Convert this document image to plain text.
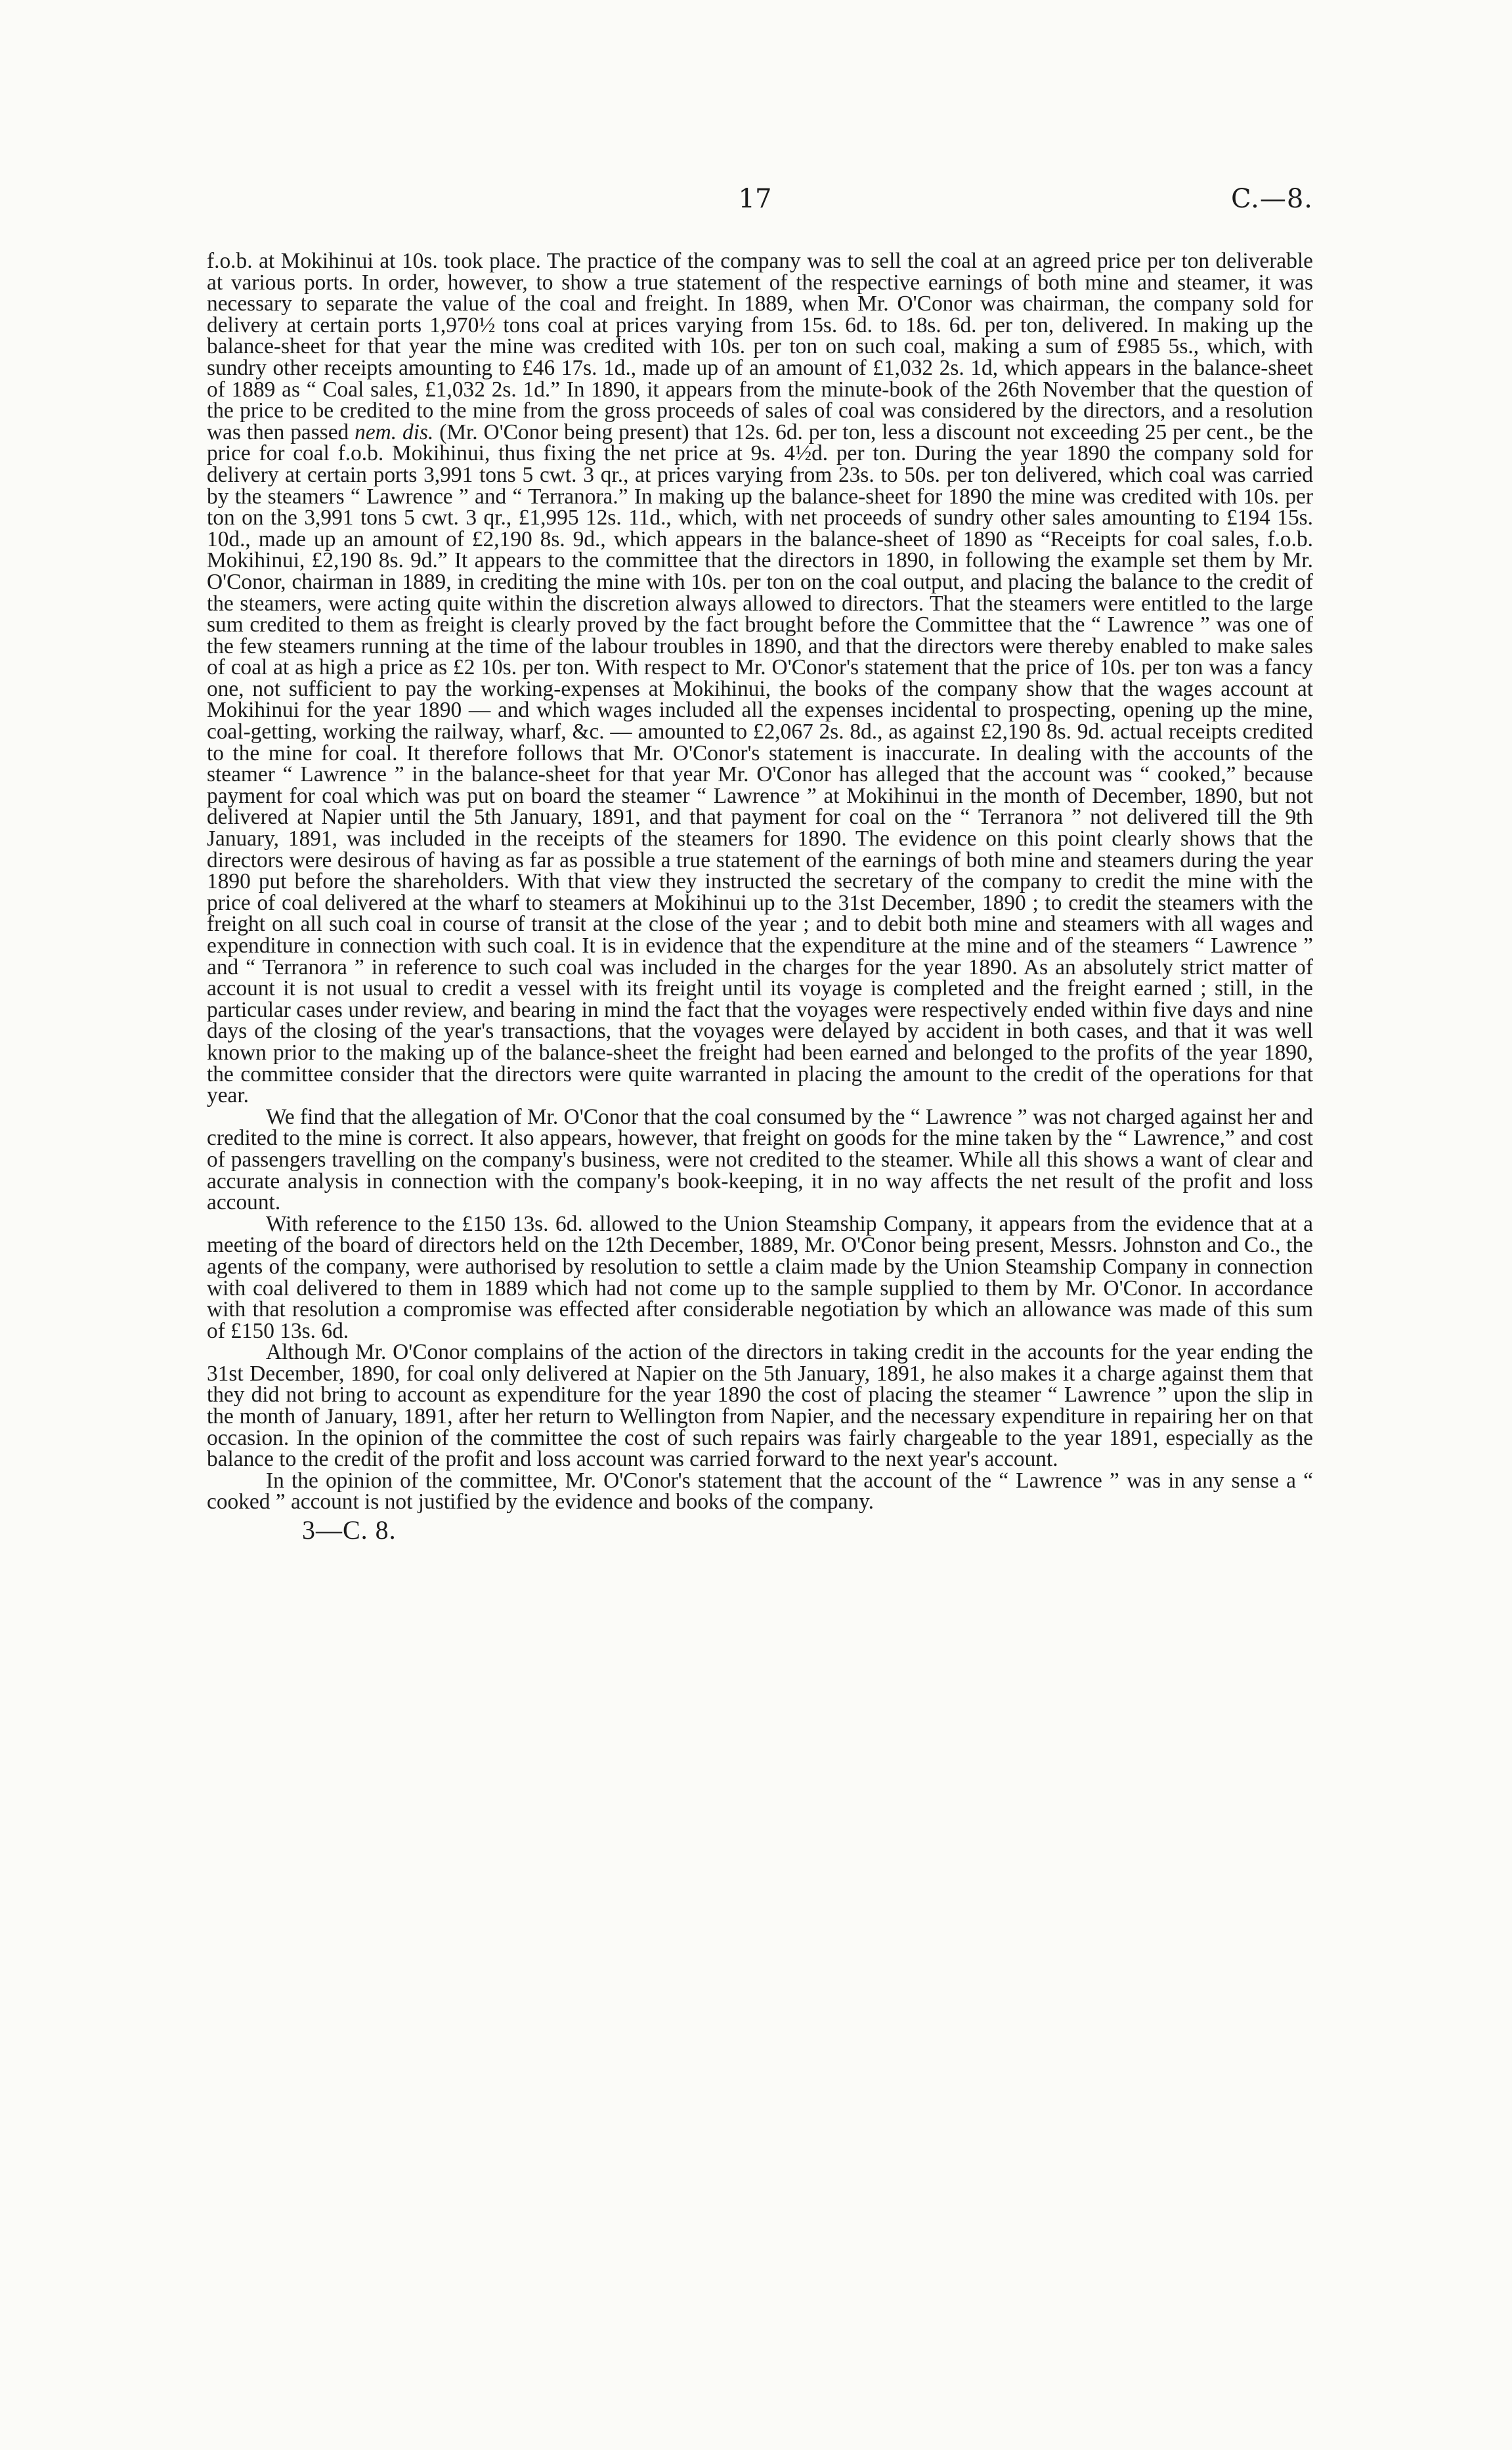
17	C.—8.

f.o.b. at Mokihinui at 10s. took place. The practice of the company was to sell the coal at an agreed price per ton deliverable at various ports. In order, however, to show a true statement of the respective earnings of both mine and steamer, it was necessary to separate the value of the coal and freight. In 1889, when Mr. O'Conor was chairman, the company sold for delivery at certain ports 1,970½ tons coal at prices varying from 15s. 6d. to 18s. 6d. per ton, delivered. In making up the balance-sheet for that year the mine was credited with 10s. per ton on such coal, making a sum of £985 5s., which, with sundry other receipts amounting to £46 17s. 1d., made up of an amount of £1,032 2s. 1d, which appears in the balance-sheet of 1889 as “ Coal sales, £1,032 2s. 1d.” In 1890, it appears from the minute-book of the 26th November that the question of the price to be credited to the mine from the gross proceeds of sales of coal was considered by the directors, and a resolution was then passed nem. dis. (Mr. O'Conor being present) that 12s. 6d. per ton, less a discount not exceeding 25 per cent., be the price for coal f.o.b. Mokihinui, thus fixing the net price at 9s. 4½d. per ton. During the year 1890 the company sold for delivery at certain ports 3,991 tons 5 cwt. 3 qr., at prices varying from 23s. to 50s. per ton delivered, which coal was carried by the steamers “ Lawrence ” and “ Terranora.” In making up the balance-sheet for 1890 the mine was credited with 10s. per ton on the 3,991 tons 5 cwt. 3 qr., £1,995 12s. 11d., which, with net proceeds of sundry other sales amounting to £194 15s. 10d., made up an amount of £2,190 8s. 9d., which appears in the balance-sheet of 1890 as “Receipts for coal sales, f.o.b. Mokihinui, £2,190 8s. 9d.” It appears to the committee that the directors in 1890, in following the example set them by Mr. O'Conor, chairman in 1889, in crediting the mine with 10s. per ton on the coal output, and placing the balance to the credit of the steamers, were acting quite within the discretion always allowed to directors. That the steamers were entitled to the large sum credited to them as freight is clearly proved by the fact brought before the Committee that the “ Lawrence ” was one of the few steamers running at the time of the labour troubles in 1890, and that the directors were thereby enabled to make sales of coal at as high a price as £2 10s. per ton. With respect to Mr. O'Conor's statement that the price of 10s. per ton was a fancy one, not sufficient to pay the working-expenses at Mokihinui, the books of the company show that the wages account at Mokihinui for the year 1890 — and which wages included all the expenses incidental to prospecting, opening up the mine, coal-getting, working the railway, wharf, &c. — amounted to £2,067 2s. 8d., as against £2,190 8s. 9d. actual receipts credited to the mine for coal. It therefore follows that Mr. O'Conor's statement is inaccurate. In dealing with the accounts of the steamer “ Lawrence ” in the balance-sheet for that year Mr. O'Conor has alleged that the account was “ cooked,” because payment for coal which was put on board the steamer “ Lawrence ” at Mokihinui in the month of December, 1890, but not delivered at Napier until the 5th January, 1891, and that payment for coal on the “ Terranora ” not delivered till the 9th January, 1891, was included in the receipts of the steamers for 1890. The evidence on this point clearly shows that the directors were desirous of having as far as possible a true statement of the earnings of both mine and steamers during the year 1890 put before the shareholders. With that view they instructed the secretary of the company to credit the mine with the price of coal delivered at the wharf to steamers at Mokihinui up to the 31st December, 1890 ; to credit the steamers with the freight on all such coal in course of transit at the close of the year ; and to debit both mine and steamers with all wages and expenditure in connection with such coal. It is in evidence that the expenditure at the mine and of the steamers “ Lawrence ” and “ Terranora ” in reference to such coal was included in the charges for the year 1890. As an absolutely strict matter of account it is not usual to credit a vessel with its freight until its voyage is completed and the freight earned ; still, in the particular cases under review, and bearing in mind the fact that the voyages were respectively ended within five days and nine days of the closing of the year's transactions, that the voyages were delayed by accident in both cases, and that it was well known prior to the making up of the balance-sheet the freight had been earned and belonged to the profits of the year 1890, the committee consider that the directors were quite warranted in placing the amount to the credit of the operations for that year.

We find that the allegation of Mr. O'Conor that the coal consumed by the “ Lawrence ” was not charged against her and credited to the mine is correct. It also appears, however, that freight on goods for the mine taken by the “ Lawrence,” and cost of passengers travelling on the company's business, were not credited to the steamer. While all this shows a want of clear and accurate analysis in connection with the company's book-keeping, it in no way affects the net result of the profit and loss account.

With reference to the £150 13s. 6d. allowed to the Union Steamship Company, it appears from the evidence that at a meeting of the board of directors held on the 12th December, 1889, Mr. O'Conor being present, Messrs. Johnston and Co., the agents of the company, were authorised by resolution to settle a claim made by the Union Steamship Company in connection with coal delivered to them in 1889 which had not come up to the sample supplied to them by Mr. O'Conor. In accordance with that resolution a compromise was effected after considerable negotiation by which an allowance was made of this sum of £150 13s. 6d.

Although Mr. O'Conor complains of the action of the directors in taking credit in the accounts for the year ending the 31st December, 1890, for coal only delivered at Napier on the 5th January, 1891, he also makes it a charge against them that they did not bring to account as expenditure for the year 1890 the cost of placing the steamer “ Lawrence ” upon the slip in the month of January, 1891, after her return to Wellington from Napier, and the necessary expenditure in repairing her on that occasion. In the opinion of the committee the cost of such repairs was fairly chargeable to the year 1891, especially as the balance to the credit of the profit and loss account was carried forward to the next year's account.

In the opinion of the committee, Mr. O'Conor's statement that the account of the “ Lawrence ” was in any sense a “ cooked ” account is not justified by the evidence and books of the company.

3—C. 8.
